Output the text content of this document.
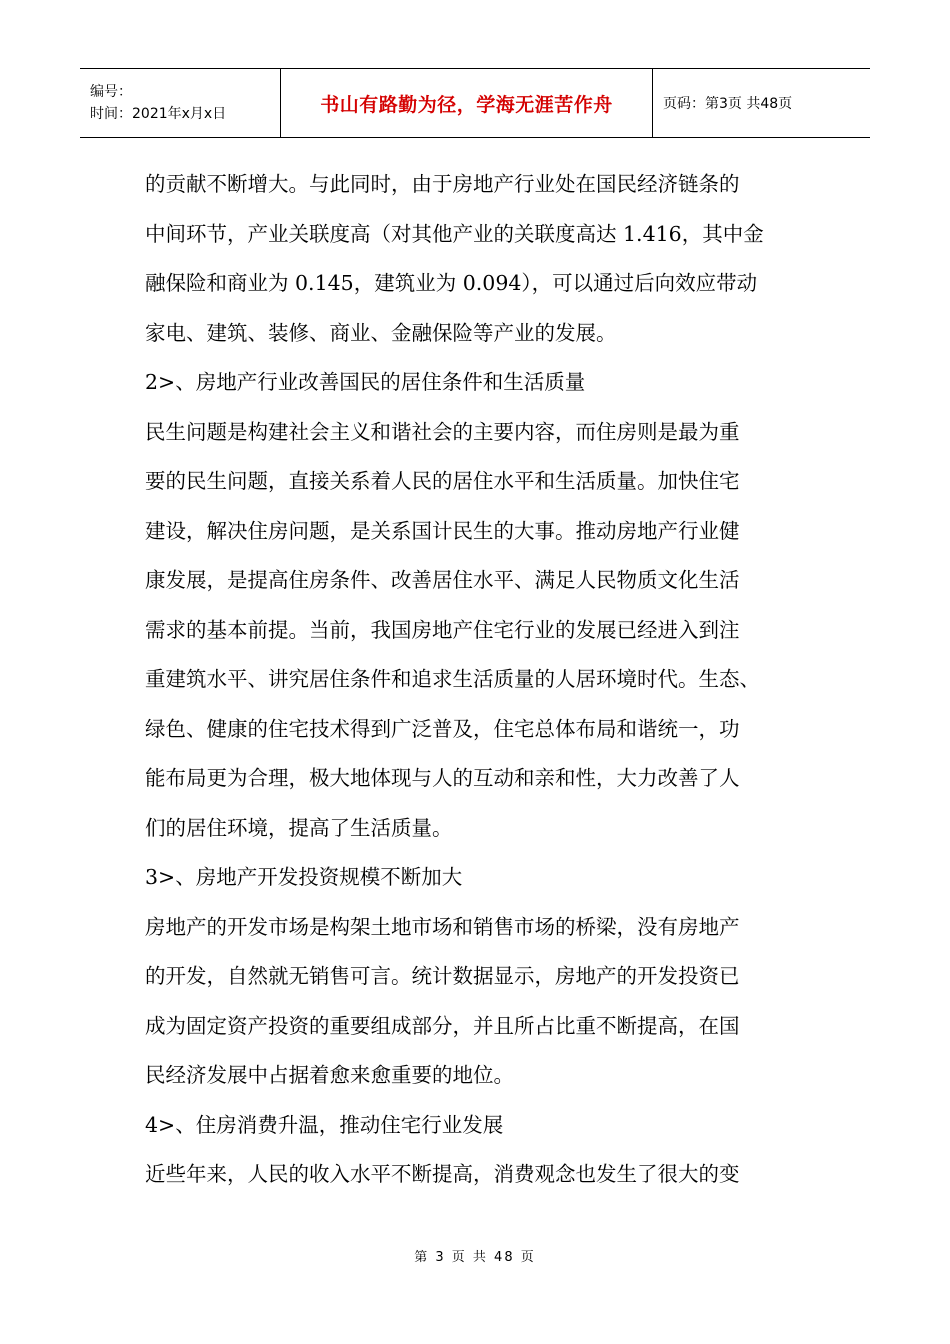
编号：
时间：2021年x月x日	书山有路勤为径，学海无涯苦作舟	页码：第3页 共48页

的贡献不断增大。与此同时，由于房地产行业处在国民经济链条的

中间环节，产业关联度高（对其他产业的关联度高达 1.416，其中金

融保险和商业为 0.145，建筑业为 0.094），可以通过后向效应带动

家电、建筑、装修、商业、金融保险等产业的发展。

2>、房地产行业改善国民的居住条件和生活质量

民生问题是构建社会主义和谐社会的主要内容，而住房则是最为重

要的民生问题，直接关系着人民的居住水平和生活质量。加快住宅

建设，解决住房问题，是关系国计民生的大事。推动房地产行业健

康发展，是提高住房条件、改善居住水平、满足人民物质文化生活

需求的基本前提。当前，我国房地产住宅行业的发展已经进入到注

重建筑水平、讲究居住条件和追求生活质量的人居环境时代。生态、

绿色、健康的住宅技术得到广泛普及，住宅总体布局和谐统一，功

能布局更为合理，极大地体现与人的互动和亲和性，大力改善了人

们的居住环境，提高了生活质量。

3>、房地产开发投资规模不断加大

房地产的开发市场是构架土地市场和销售市场的桥梁，没有房地产

的开发，自然就无销售可言。统计数据显示，房地产的开发投资已

成为固定资产投资的重要组成部分，并且所占比重不断提高，在国

民经济发展中占据着愈来愈重要的地位。

4>、住房消费升温，推动住宅行业发展

近些年来，人民的收入水平不断提高，消费观念也发生了很大的变

第 3 页 共 48 页
